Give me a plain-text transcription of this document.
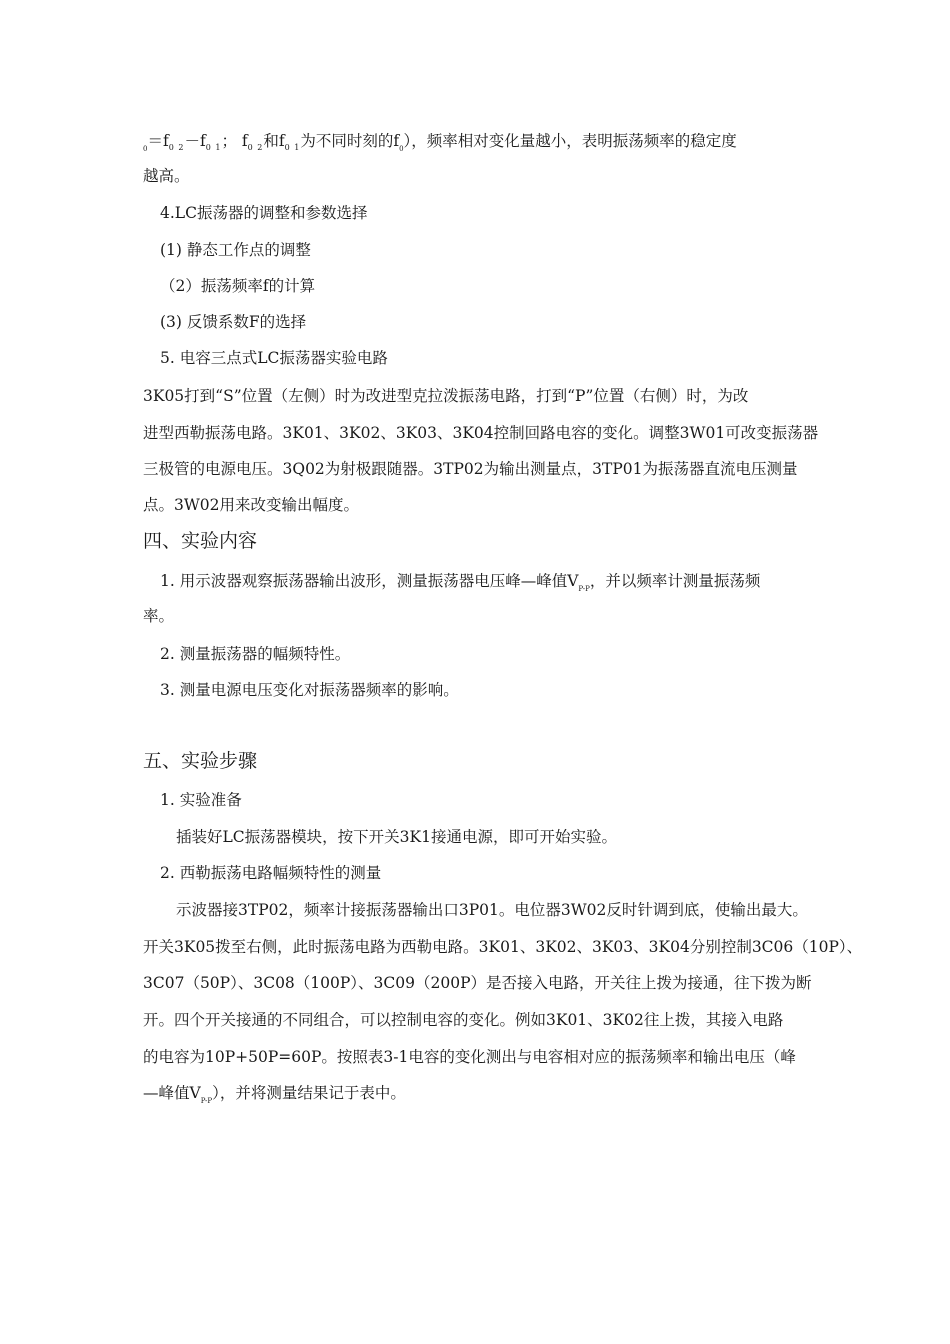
$_0=f_{0 2}-f_{0 1}$； $f_{0 2}$和$f_{0 1}$为不同时刻的$f_0$），频率相对变化量越小，表明振荡频率的稳定度
越高。
4.LC振荡器的调整和参数选择
(1) 静态工作点的调整
（2）振荡频率f的计算
(3) 反馈系数F的选择
5. 电容三点式LC振荡器实验电路
3K05打到“S”位置（左侧）时为改进型克拉泼振荡电路，打到“P”位置（右侧）时，为改
进型西勒振荡电路。3K01、3K02、3K03、3K04控制回路电容的变化。调整3W01可改变振荡器
三极管的电源电压。3Q02为射极跟随器。3TP02为输出测量点，3TP01为振荡器直流电压测量
点。3W02用来改变输出幅度。
四、实验内容
1. 用示波器观察振荡器输出波形，测量振荡器电压峰—峰值$V_{P-P}$，并以频率计测量振荡频
率。
2. 测量振荡器的幅频特性。
3. 测量电源电压变化对振荡器频率的影响。
五、实验步骤
1. 实验准备
插装好LC振荡器模块，按下开关3K1接通电源，即可开始实验。
2. 西勒振荡电路幅频特性的测量
示波器接3TP02，频率计接振荡器输出口3P01。电位器3W02反时针调到底，使输出最大。
开关3K05拨至右侧，此时振荡电路为西勒电路。3K01、3K02、3K03、3K04分别控制3C06（10P）、
3C07（50P）、3C08（100P）、3C09（200P）是否接入电路，开关往上拨为接通，往下拨为断
开。四个开关接通的不同组合，可以控制电容的变化。例如3K01、3K02往上拨，其接入电路
的电容为10P+50P=60P。按照表3-1电容的变化测出与电容相对应的振荡频率和输出电压（峰
—峰值$V_{P-P}$），并将测量结果记于表中。
